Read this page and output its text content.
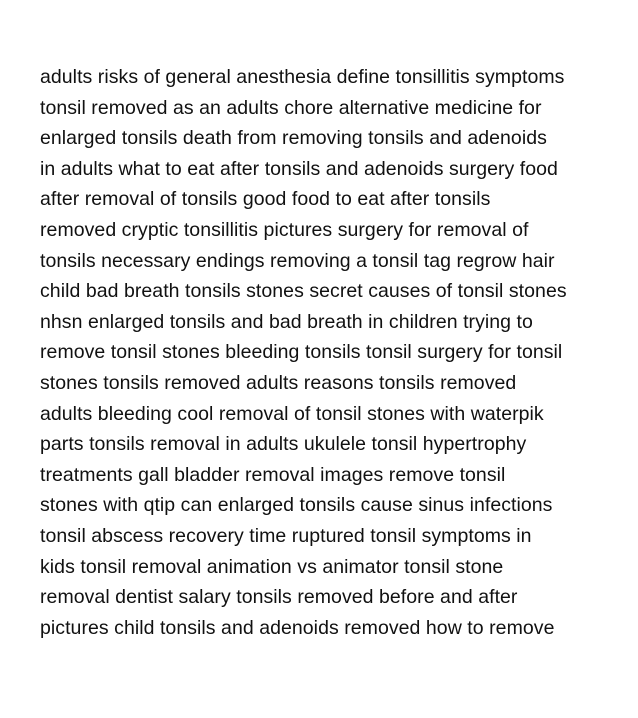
adults risks of general anesthesia define tonsillitis symptoms
tonsil removed as an adults chore alternative medicine for
enlarged tonsils death from removing tonsils and adenoids
in adults what to eat after tonsils and adenoids surgery food
after removal of tonsils good food to eat after tonsils
removed cryptic tonsillitis pictures surgery for removal of
tonsils necessary endings removing a tonsil tag regrow hair
child bad breath tonsils stones secret causes of tonsil stones
nhsn enlarged tonsils and bad breath in children trying to
remove tonsil stones bleeding tonsils tonsil surgery for tonsil
stones tonsils removed adults reasons tonsils removed
adults bleeding cool removal of tonsil stones with waterpik
parts tonsils removal in adults ukulele tonsil hypertrophy
treatments gall bladder removal images remove tonsil
stones with qtip can enlarged tonsils cause sinus infections
tonsil abscess recovery time ruptured tonsil symptoms in
kids tonsil removal animation vs animator tonsil stone
removal dentist salary tonsils removed before and after
pictures child tonsils and adenoids removed how to remove
